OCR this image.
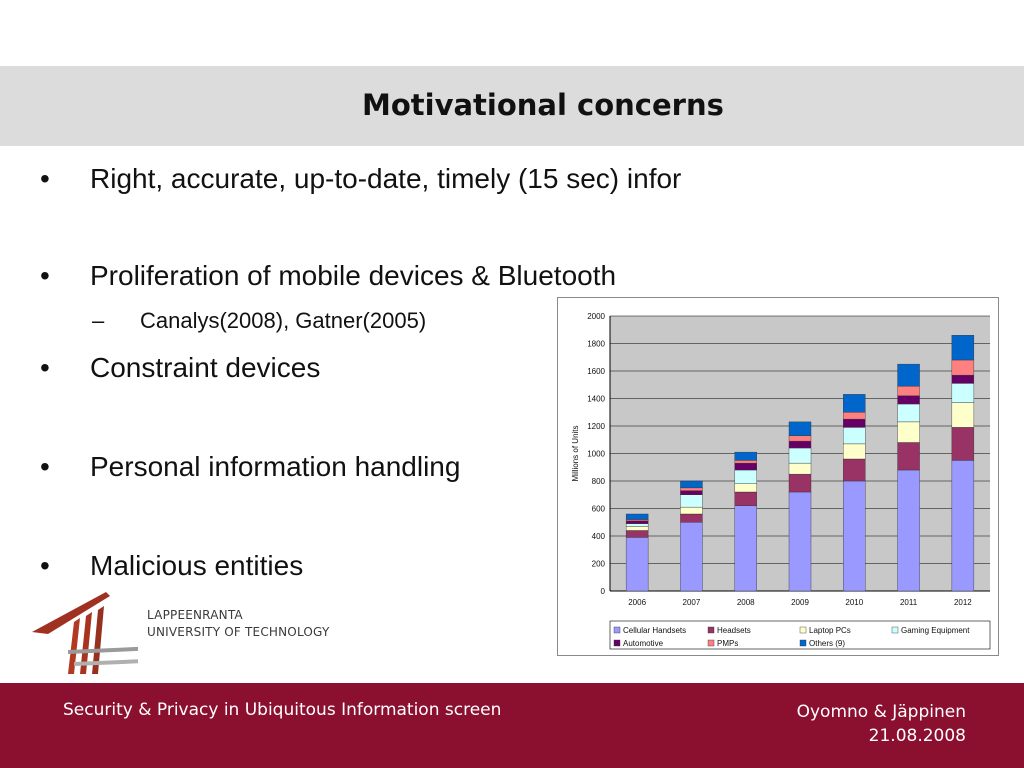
Motivational concerns
• Right, accurate, up-to-date, timely (15 sec) infor
• Proliferation of mobile devices & Bluetooth
– Canalys(2008), Gatner(2005)
• Constraint devices
• Personal information handling
• Malicious entities
0
200
400
600
800
1000
1200
1400
1600
1800
2000
Millions of Units
2006	2007	2008	2009	2010	2011	2012
Cellular Handsets	Headsets	Laptop PCs	Gaming Equipment
Automotive	PMPs	Others (9)
LAPPEENRANTA
UNIVERSITY OF TECHNOLOGY
Security & Privacy in Ubiquitous Information screen	Oyomno & Jäppinen
21.08.2008
